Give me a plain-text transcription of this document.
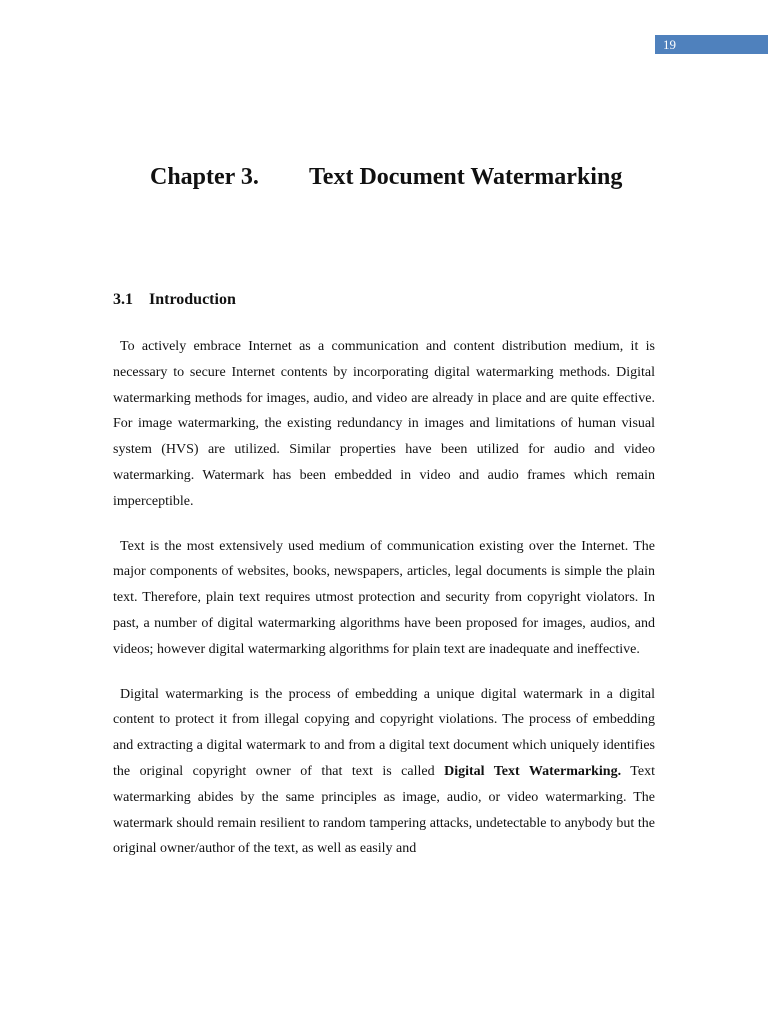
19
Chapter 3. Text Document Watermarking
3.1 Introduction

To actively embrace Internet as a communication and content distribution medium, it is necessary to secure Internet contents by incorporating digital watermarking methods. Digital watermarking methods for images, audio, and video are already in place and are quite effective. For image watermarking, the existing redundancy in images and limitations of human visual system (HVS) are utilized. Similar properties have been utilized for audio and video watermarking. Watermark has been embedded in video and audio frames which remain imperceptible.

Text is the most extensively used medium of communication existing over the Internet. The major components of websites, books, newspapers, articles, legal documents is simple the plain text. Therefore, plain text requires utmost protection and security from copyright violators. In past, a number of digital watermarking algorithms have been proposed for images, audios, and videos; however digital watermarking algorithms for plain text are inadequate and ineffective.

Digital watermarking is the process of embedding a unique digital watermark in a digital content to protect it from illegal copying and copyright violations. The process of embedding and extracting a digital watermark to and from a digital text document which uniquely identifies the original copyright owner of that text is called Digital Text Watermarking. Text watermarking abides by the same principles as image, audio, or video watermarking. The watermark should remain resilient to random tampering attacks, undetectable to anybody but the original owner/author of the text, as well as easily and
